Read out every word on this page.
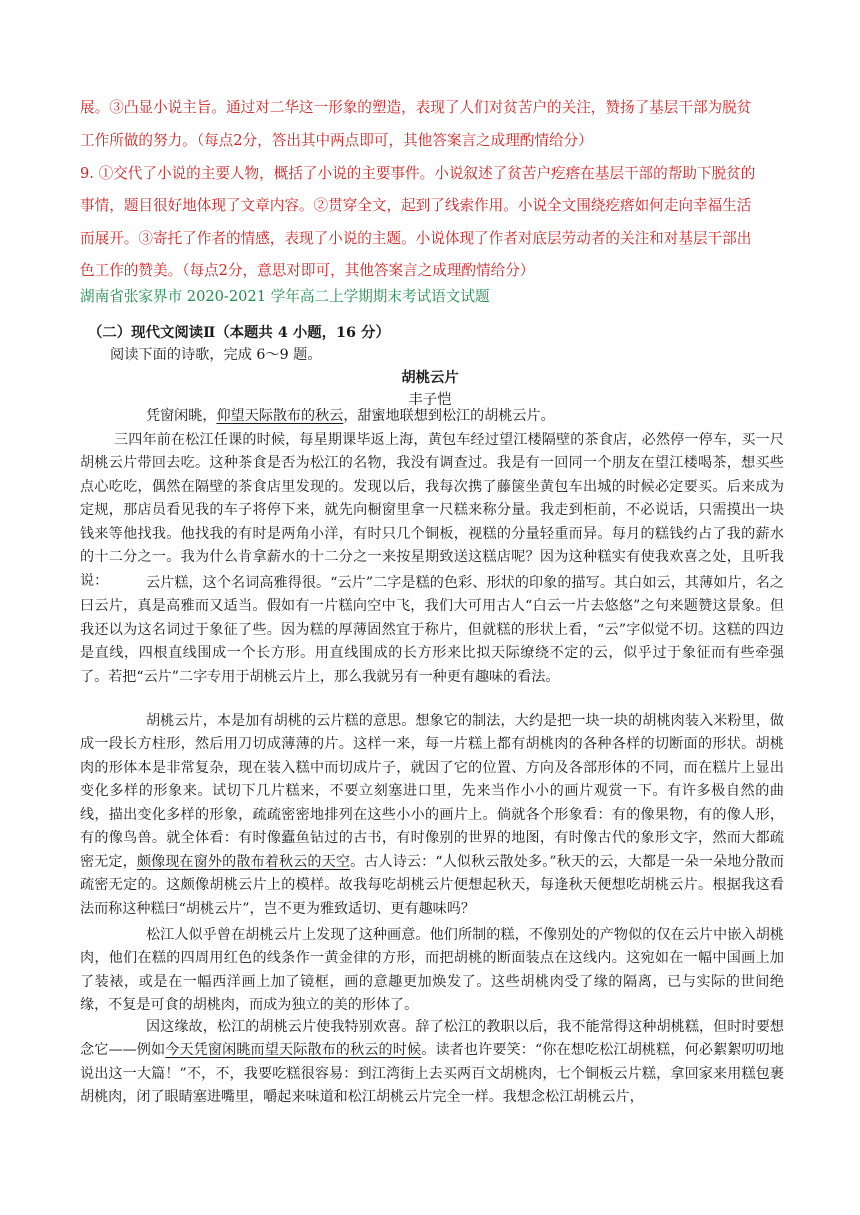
展。③凸显小说主旨。通过对二华这一形象的塑造，表现了人们对贫苦户的关注，赞扬了基层干部为脱贫
工作所做的努力。（每点2分，答出其中两点即可，其他答案言之成理酌情给分）
9. ①交代了小说的主要人物，概括了小说的主要事件。小说叙述了贫苦户疙瘩在基层干部的帮助下脱贫的
事情，题目很好地体现了文章内容。②贯穿全文，起到了线索作用。小说全文围绕疙瘩如何走向幸福生活
而展开。③寄托了作者的情感，表现了小说的主题。小说体现了作者对底层劳动者的关注和对基层干部出
色工作的赞美。（每点2分，意思对即可，其他答案言之成理酌情给分）
湖南省张家界市 2020-2021 学年高二上学期期末考试语文试题
（二）现代文阅读Ⅱ（本题共 4 小题，16 分）
阅读下面的诗歌，完成 6～9 题。
胡桃云片
丰子恺
凭窗闲眺，仰望天际散布的秋云，甜蜜地联想到松江的胡桃云片。
三四年前在松江任课的时候，每星期课毕返上海，黄包车经过望江楼隔壁的茶食店，必然停一停车，买一尺胡桃云片带回去吃。这种茶食是否为松江的名物，我没有调查过。我是有一回同一个朋友在望江楼喝茶，想买些点心吃吃，偶然在隔壁的茶食店里发现的。发现以后，我每次携了藤箧坐黄包车出城的时候必定要买。后来成为定规，那店员看见我的车子将停下来，就先向橱窗里拿一尺糕来称分量。我走到柜前，不必说话，只需摸出一块钱来等他找我。他找我的有时是两角小洋，有时只几个铜板，视糕的分量轻重而异。每月的糕钱约占了我的薪水的十二分之一。我为什么肯拿薪水的十二分之一来按星期致送这糕店呢？因为这种糕实有使我欢喜之处，且听我说：	云片糕，这个名词高雅得很。“云片”二字是糕的色彩、形状的印象的描写。其白如云，其薄如片，名之曰云片，真是高雅而又适当。假如有一片糕向空中飞，我们大可用古人“白云一片去悠悠”之句来题赞这景象。但我还以为这名词过于象征了些。因为糕的厚薄固然宜于称片，但就糕的形状上看，“云”字似觉不切。这糕的四边是直线，四根直线围成一个长方形。用直线围成的长方形来比拟天际缭绕不定的云，似乎过于象征而有些牵强了。若把“云片”二字专用于胡桃云片上，那么我就另有一种更有趣味的看法。
胡桃云片，本是加有胡桃的云片糕的意思。想象它的制法，大约是把一块一块的胡桃肉装入米粉里，做成一段长方柱形，然后用刀切成薄薄的片。这样一来，每一片糕上都有胡桃肉的各种各样的切断面的形状。胡桃肉的形体本是非常复杂，现在装入糕中而切成片子，就因了它的位置、方向及各部形体的不同，而在糕片上显出变化多样的形象来。试切下几片糕来，不要立刻塞进口里，先来当作小小的画片观赏一下。有许多极自然的曲线，描出变化多样的形象，疏疏密密地排列在这些小小的画片上。倘就各个形象看：有的像果物，有的像人形，有的像鸟兽。就全体看：有时像蠹鱼钻过的古书，有时像别的世界的地图，有时像古代的象形文字，然而大都疏密无定，颇像现在窗外的散布着秋云的天空。古人诗云：“人似秋云散处多。”秋天的云，大都是一朵一朵地分散而疏密无定的。这颇像胡桃云片上的模样。故我每吃胡桃云片便想起秋天，每逢秋天便想吃胡桃云片。根据我这看法而称这种糕曰“胡桃云片”，岂不更为雅致适切、更有趣味吗？
松江人似乎曾在胡桃云片上发现了这种画意。他们所制的糕，不像别处的产物似的仅在云片中嵌入胡桃肉，他们在糕的四周用红色的线条作一黄金律的方形，而把胡桃的断面装点在这线内。这宛如在一幅中国画上加了装裱，或是在一幅西洋画上加了镜框，画的意趣更加焕发了。这些胡桃肉受了缘的隔离，已与实际的世间绝缘，不复是可食的胡桃肉，而成为独立的美的形体了。
因这缘故，松江的胡桃云片使我特别欢喜。辞了松江的教职以后，我不能常得这种胡桃糕，但时时要想念它——例如今天凭窗闲眺而望天际散布的秋云的时候。读者也许要笑：“你在想吃松江胡桃糕，何必絮絮叨叨地说出这一大篇！”不，不，我要吃糕很容易：到江湾街上去买两百文胡桃肉，七个铜板云片糕，拿回家来用糕包裹胡桃肉，闭了眼睛塞进嘴里，嚼起来味道和松江胡桃云片完全一样。我想念松江胡桃云片，
